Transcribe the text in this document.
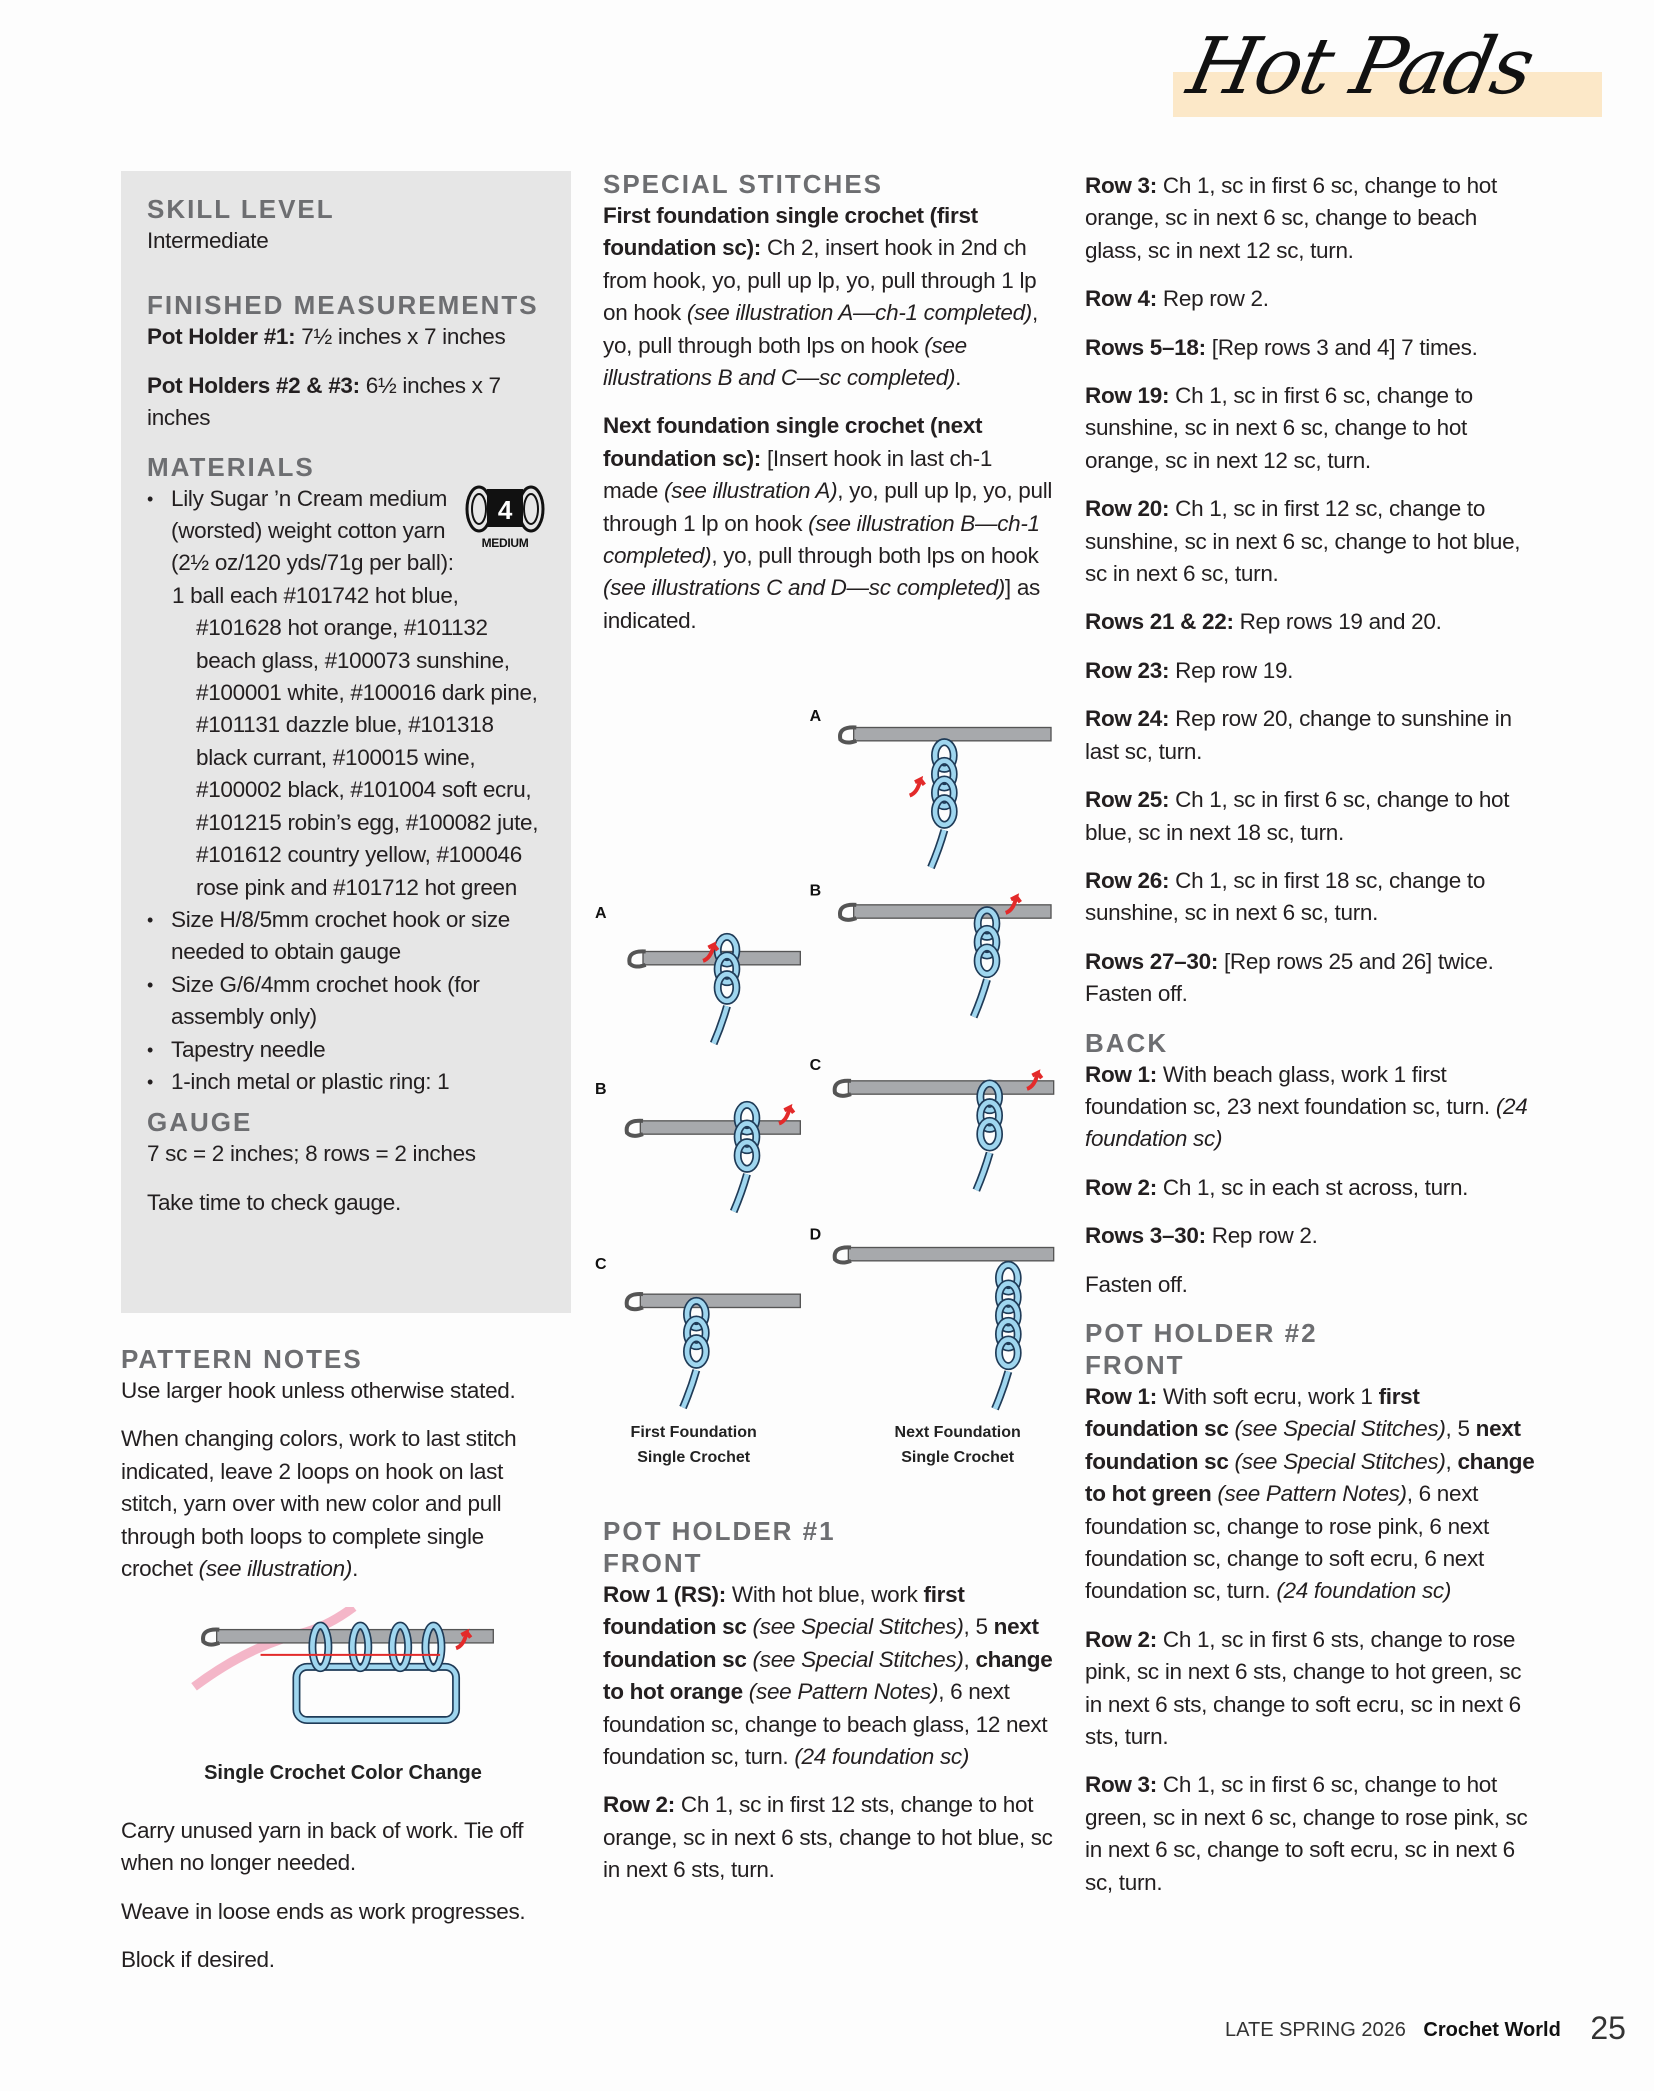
Hot Pads
SKILL LEVEL

Intermediate

FINISHED MEASUREMENTS

Pot Holder #1: 7½ inches x 7 inches

Pot Holders #2 & #3: 6½ inches x 7 inches

MATERIALS
• 4
MEDIUM
Lily Sugar ’n Cream medium (worsted) weight cotton yarn (2½ oz/120 yds/71g per ball):
1 ball each #101742 hot blue, #101628 hot orange, #101132 beach glass, #100073 sunshine, #100001 white, #100016 dark pine, #101131 dazzle blue, #101318 black currant, #100015 wine, #100002 black, #101004 soft ecru, #101215 robin’s egg, #100082 jute, #101612 country yellow, #100046 rose pink and #101712 hot green
• Size H/8/5mm crochet hook or size needed to obtain gauge
• Size G/6/4mm crochet hook (for assembly only)
• Tapestry needle
• 1-inch metal or plastic ring: 1
GAUGE

7 sc = 2 inches; 8 rows = 2 inches

Take time to check gauge.

PATTERN NOTES

Use larger hook unless otherwise stated.

When changing colors, work to last stitch indicated, leave 2 loops on hook on last stitch, yarn over with new color and pull through both loops to complete single crochet (see illustration).

Single Crochet Color Change

Carry unused yarn in back of work. Tie off when no longer needed.

Weave in loose ends as work progresses.

Block if desired.

SPECIAL STITCHES

First foundation single crochet (first foundation sc): Ch 2, insert hook in 2nd ch from hook, yo, pull up lp, yo, pull through 1 lp on hook (see illustration A—ch-1 completed), yo, pull through both lps on hook (see illustrations B and C—sc completed).

Next foundation single crochet (next foundation sc): [Insert hook in last ch-1 made (see illustration A), yo, pull up lp, yo, pull through 1 lp on hook (see illustration B—ch-1 completed), yo, pull through both lps on hook (see illustrations C and D—sc completed)] as indicated.

A
B
C
A
B
C
D
First Foundation
Single Crochet
Next Foundation
Single Crochet
POT HOLDER #1
FRONT

Row 1 (RS): With hot blue, work first foundation sc (see Special Stitches), 5 next foundation sc (see Special Stitches), change to hot orange (see Pattern Notes), 6 next foundation sc, change to beach glass, 12 next foundation sc, turn. (24 foundation sc)

Row 2: Ch 1, sc in first 12 sts, change to hot orange, sc in next 6 sts, change to hot blue, sc in next 6 sts, turn.

Row 3: Ch 1, sc in first 6 sc, change to hot orange, sc in next 6 sc, change to beach glass, sc in next 12 sc, turn.

Row 4: Rep row 2.

Rows 5–18: [Rep rows 3 and 4] 7 times.

Row 19: Ch 1, sc in first 6 sc, change to sunshine, sc in next 6 sc, change to hot orange, sc in next 12 sc, turn.

Row 20: Ch 1, sc in first 12 sc, change to sunshine, sc in next 6 sc, change to hot blue, sc in next 6 sc, turn.

Rows 21 & 22: Rep rows 19 and 20.

Row 23: Rep row 19.

Row 24: Rep row 20, change to sunshine in last sc, turn.

Row 25: Ch 1, sc in first 6 sc, change to hot blue, sc in next 18 sc, turn.

Row 26: Ch 1, sc in first 18 sc, change to sunshine, sc in next 6 sc, turn.

Rows 27–30: [Rep rows 25 and 26] twice. Fasten off.

BACK

Row 1: With beach glass, work 1 first foundation sc, 23 next foundation sc, turn. (24 foundation sc)

Row 2: Ch 1, sc in each st across, turn.

Rows 3–30: Rep row 2.

Fasten off.

POT HOLDER #2
FRONT

Row 1: With soft ecru, work 1 first foundation sc (see Special Stitches), 5 next foundation sc (see Special Stitches), change to hot green (see Pattern Notes), 6 next foundation sc, change to rose pink, 6 next foundation sc, change to soft ecru, 6 next foundation sc, turn. (24 foundation sc)

Row 2: Ch 1, sc in first 6 sts, change to rose pink, sc in next 6 sts, change to hot green, sc in next 6 sts, change to soft ecru, sc in next 6 sts, turn.

Row 3: Ch 1, sc in first 6 sc, change to hot green, sc in next 6 sc, change to rose pink, sc in next 6 sc, change to soft ecru, sc in next 6 sc, turn.

LATE SPRING 2026 Crochet World 25
